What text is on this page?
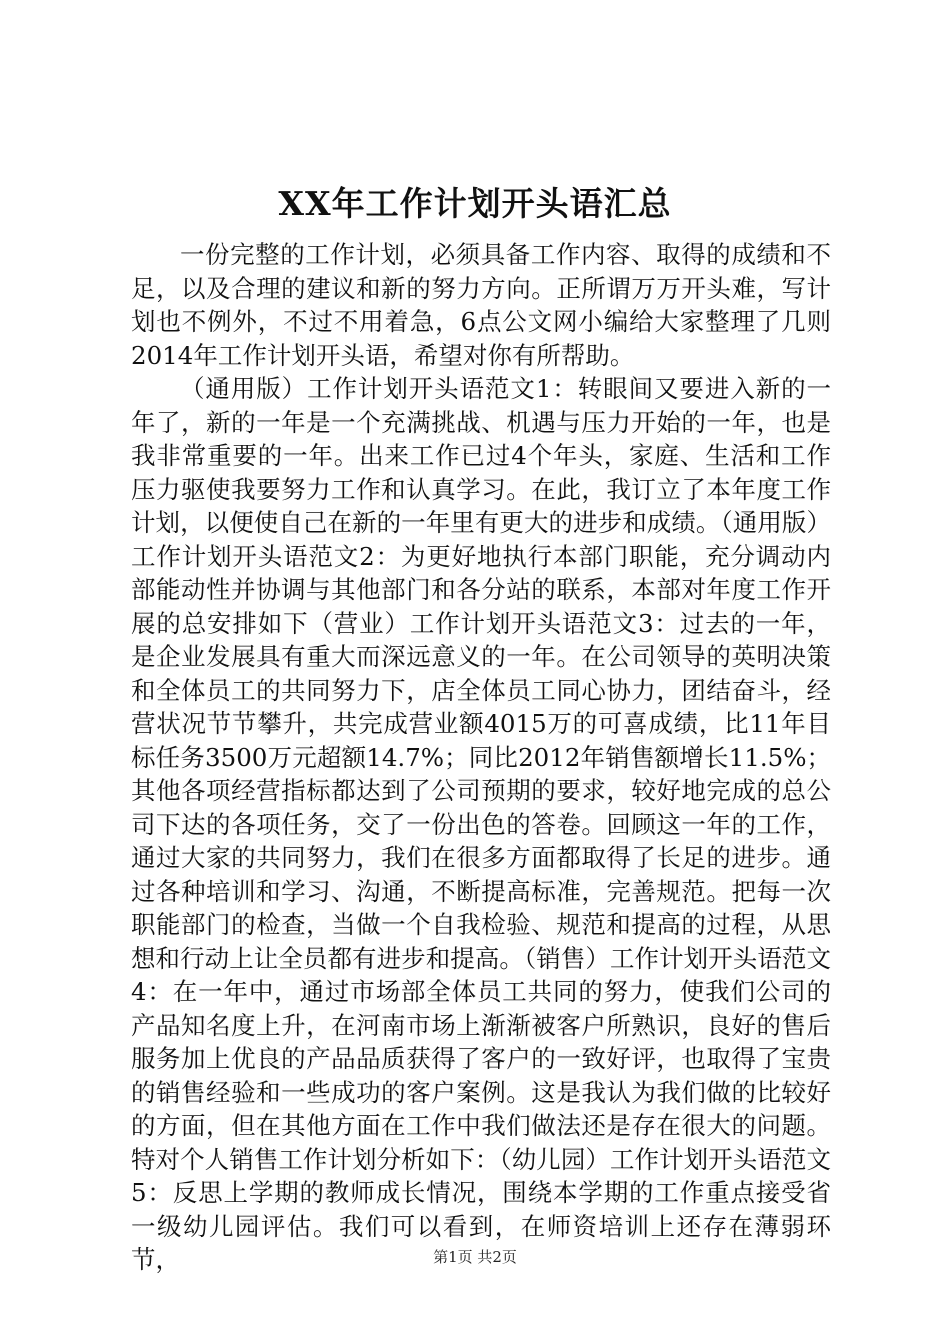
XX年工作计划开头语汇总

一份完整的工作计划，必须具备工作内容、取得的成绩和不足，以及合理的建议和新的努力方向。正所谓万万开头难，写计划也不例外，不过不用着急，6点公文网小编给大家整理了几则2014年工作计划开头语，希望对你有所帮助。

（通用版）工作计划开头语范文1：转眼间又要进入新的一年了，新的一年是一个充满挑战、机遇与压力开始的一年，也是我非常重要的一年。出来工作已过4个年头，家庭、生活和工作压力驱使我要努力工作和认真学习。在此，我订立了本年度工作计划，以便使自己在新的一年里有更大的进步和成绩。（通用版）工作计划开头语范文2：为更好地执行本部门职能，充分调动内部能动性并协调与其他部门和各分站的联系，本部对年度工作开展的总安排如下（营业）工作计划开头语范文3：过去的一年，是企业发展具有重大而深远意义的一年。在公司领导的英明决策和全体员工的共同努力下，店全体员工同心协力，团结奋斗，经营状况节节攀升，共完成营业额4015万的可喜成绩，比11年目标任务3500万元超额14.7%；同比2012年销售额增长11.5%；其他各项经营指标都达到了公司预期的要求，较好地完成的总公司下达的各项任务，交了一份出色的答卷。回顾这一年的工作，通过大家的共同努力，我们在很多方面都取得了长足的进步。通过各种培训和学习、沟通，不断提高标准，完善规范。把每一次职能部门的检查，当做一个自我检验、规范和提高的过程，从思想和行动上让全员都有进步和提高。（销售）工作计划开头语范文4：在一年中，通过市场部全体员工共同的努力，使我们公司的产品知名度上升，在河南市场上渐渐被客户所熟识，良好的售后服务加上优良的产品品质获得了客户的一致好评，也取得了宝贵的销售经验和一些成功的客户案例。这是我认为我们做的比较好的方面，但在其他方面在工作中我们做法还是存在很大的问题。特对个人销售工作计划分析如下：（幼儿园）工作计划开头语范文5：反思上学期的教师成长情况，围绕本学期的工作重点接受省一级幼儿园评估。我们可以看到，在师资培训上还存在薄弱环节，	第1页 共2页
